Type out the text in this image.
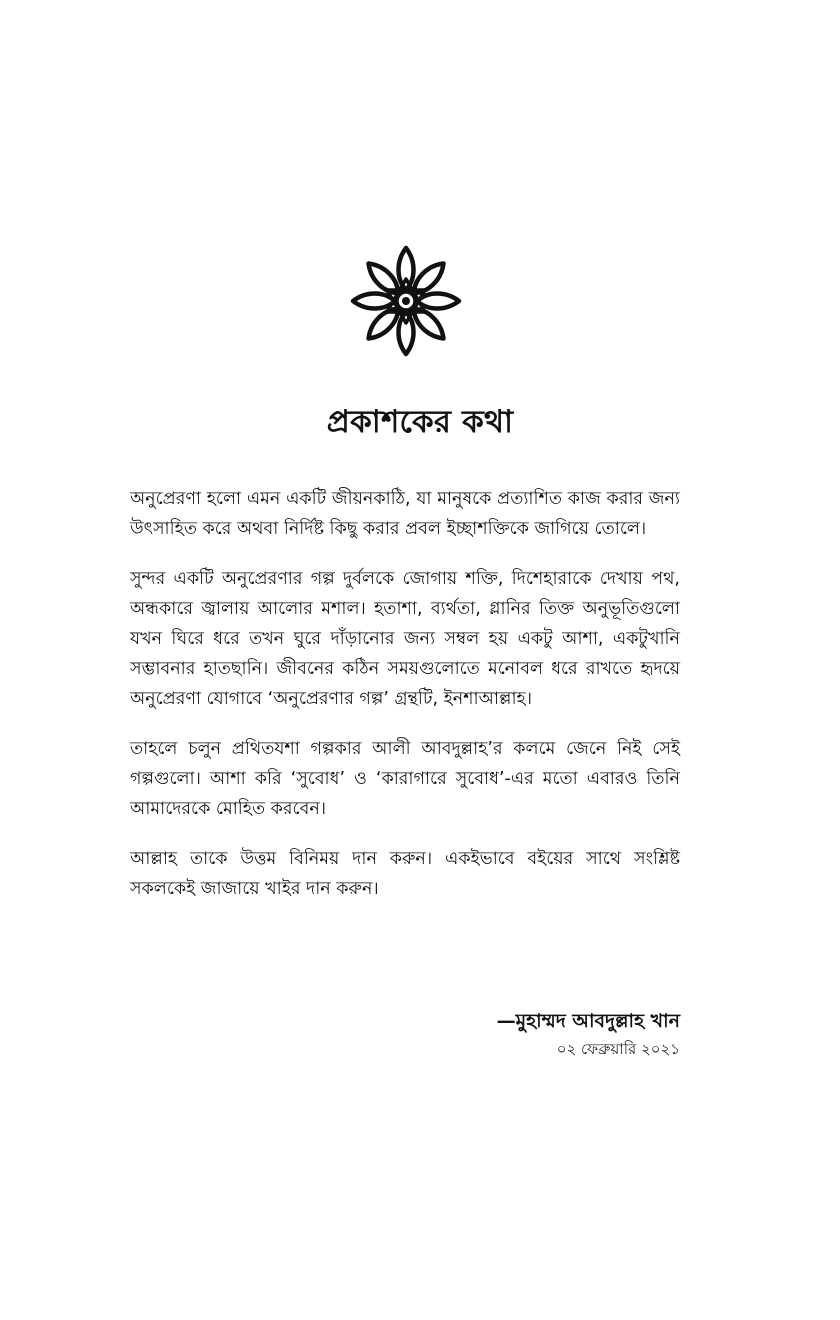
প্রকাশকের কথা

অনুপ্রেরণা হলো এমন একটি জীয়নকাঠি, যা মানুষকে প্রত্যাশিত কাজ করার জন্য উৎসাহিত করে অথবা নির্দিষ্ট কিছু করার প্রবল ইচ্ছাশক্তিকে জাগিয়ে তোলে।

সুন্দর একটি অনুপ্রেরণার গল্প দুর্বলকে জোগায় শক্তি, দিশেহারাকে দেখায় পথ, অন্ধকারে জ্বালায় আলোর মশাল। হতাশা, ব্যর্থতা, গ্লানির তিক্ত অনুভূতিগুলো যখন ঘিরে ধরে তখন ঘুরে দাঁড়ানোর জন্য সম্বল হয় একটু আশা, একটুখানি সম্ভাবনার হাতছানি। জীবনের কঠিন সময়গুলোতে মনোবল ধরে রাখতে হৃদয়ে অনুপ্রেরণা যোগাবে ‘অনুপ্রেরণার গল্প’ গ্রন্থটি, ইনশাআল্লাহ।

তাহলে চলুন প্রথিতযশা গল্পকার আলী আবদুল্লাহ’র কলমে জেনে নিই সেই গল্পগুলো। আশা করি ‘সুবোধ’ ও ‘কারাগারে সুবোধ’-এর মতো এবারও তিনি আমাদেরকে মোহিত করবেন।

আল্লাহ তাকে উত্তম বিনিময় দান করুন। একইভাবে বইয়ের সাথে সংশ্লিষ্ট সকলকেই জাজায়ে খাইর দান করুন।

—মুহাম্মদ আবদুল্লাহ খান
০২ ফেব্রুয়ারি ২০২১
